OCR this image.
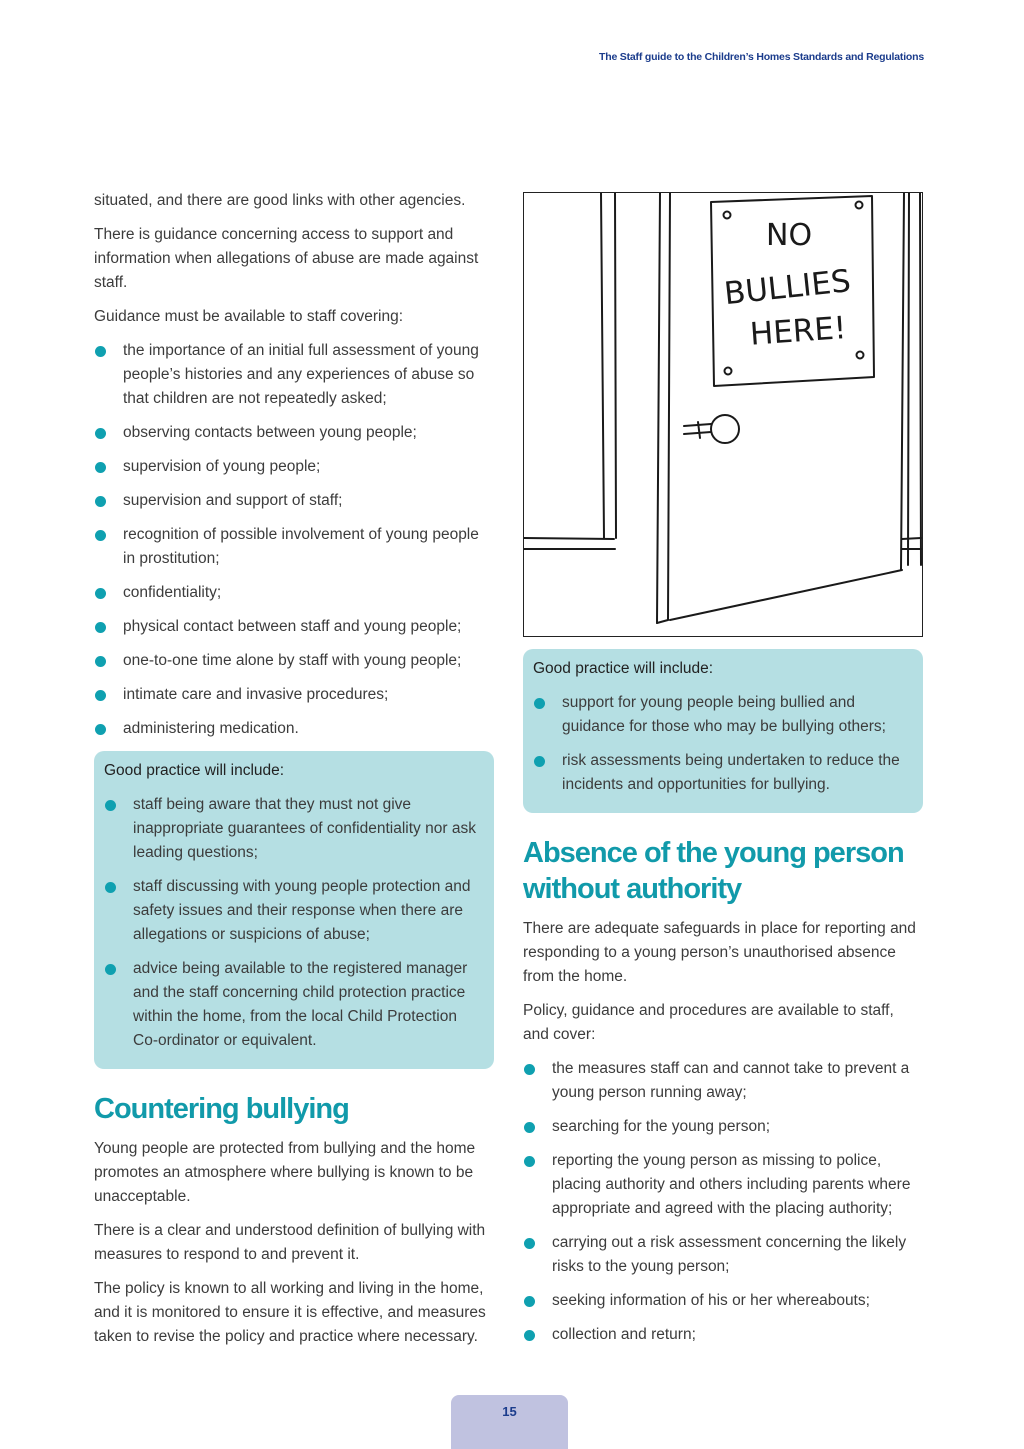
The Staff guide to the Children’s Homes Standards and Regulations

situated, and there are good links with other agencies.

There is guidance concerning access to support and information when allegations of abuse are made against staff.

Guidance must be available to staff covering:

the importance of an initial full assessment of young people’s histories and any experiences of abuse so that children are not repeatedly asked;
observing contacts between young people;
supervision of young people;
supervision and support of staff;
recognition of possible involvement of young people in prostitution;
confidentiality;
physical contact between staff and young people;
one-to-one time alone by staff with young people;
intimate care and invasive procedures;
administering medication.
Good practice will include:
staff being aware that they must not give inappropriate guarantees of confidentiality nor ask leading questions;
staff discussing with young people protection and safety issues and their response when there are allegations or suspicions of abuse;
advice being available to the registered manager and the staff concerning child protection practice within the home, from the local Child Protection Co-ordinator or equivalent.
Countering bullying

Young people are protected from bullying and the home promotes an atmosphere where bullying is known to be unacceptable.

There is a clear and understood definition of bullying with measures to respond to and prevent it.

The policy is known to all working and living in the home, and it is monitored to ensure it is effective, and measures taken to revise the policy and practice where necessary.

NO
BULLIES
HERE!
Good practice will include:
support for young people being bullied and guidance for those who may be bullying others;
risk assessments being undertaken to reduce the incidents and opportunities for bullying.
Absence of the young person
without authority

There are adequate safeguards in place for reporting and responding to a young person’s unauthorised absence from the home.

Policy, guidance and procedures are available to staff, and cover:

the measures staff can and cannot take to prevent a young person running away;
searching for the young person;
reporting the young person as missing to police, placing authority and others including parents where appropriate and agreed with the placing authority;
carrying out a risk assessment concerning the likely risks to the young person;
seeking information of his or her whereabouts;
collection and return;
15
